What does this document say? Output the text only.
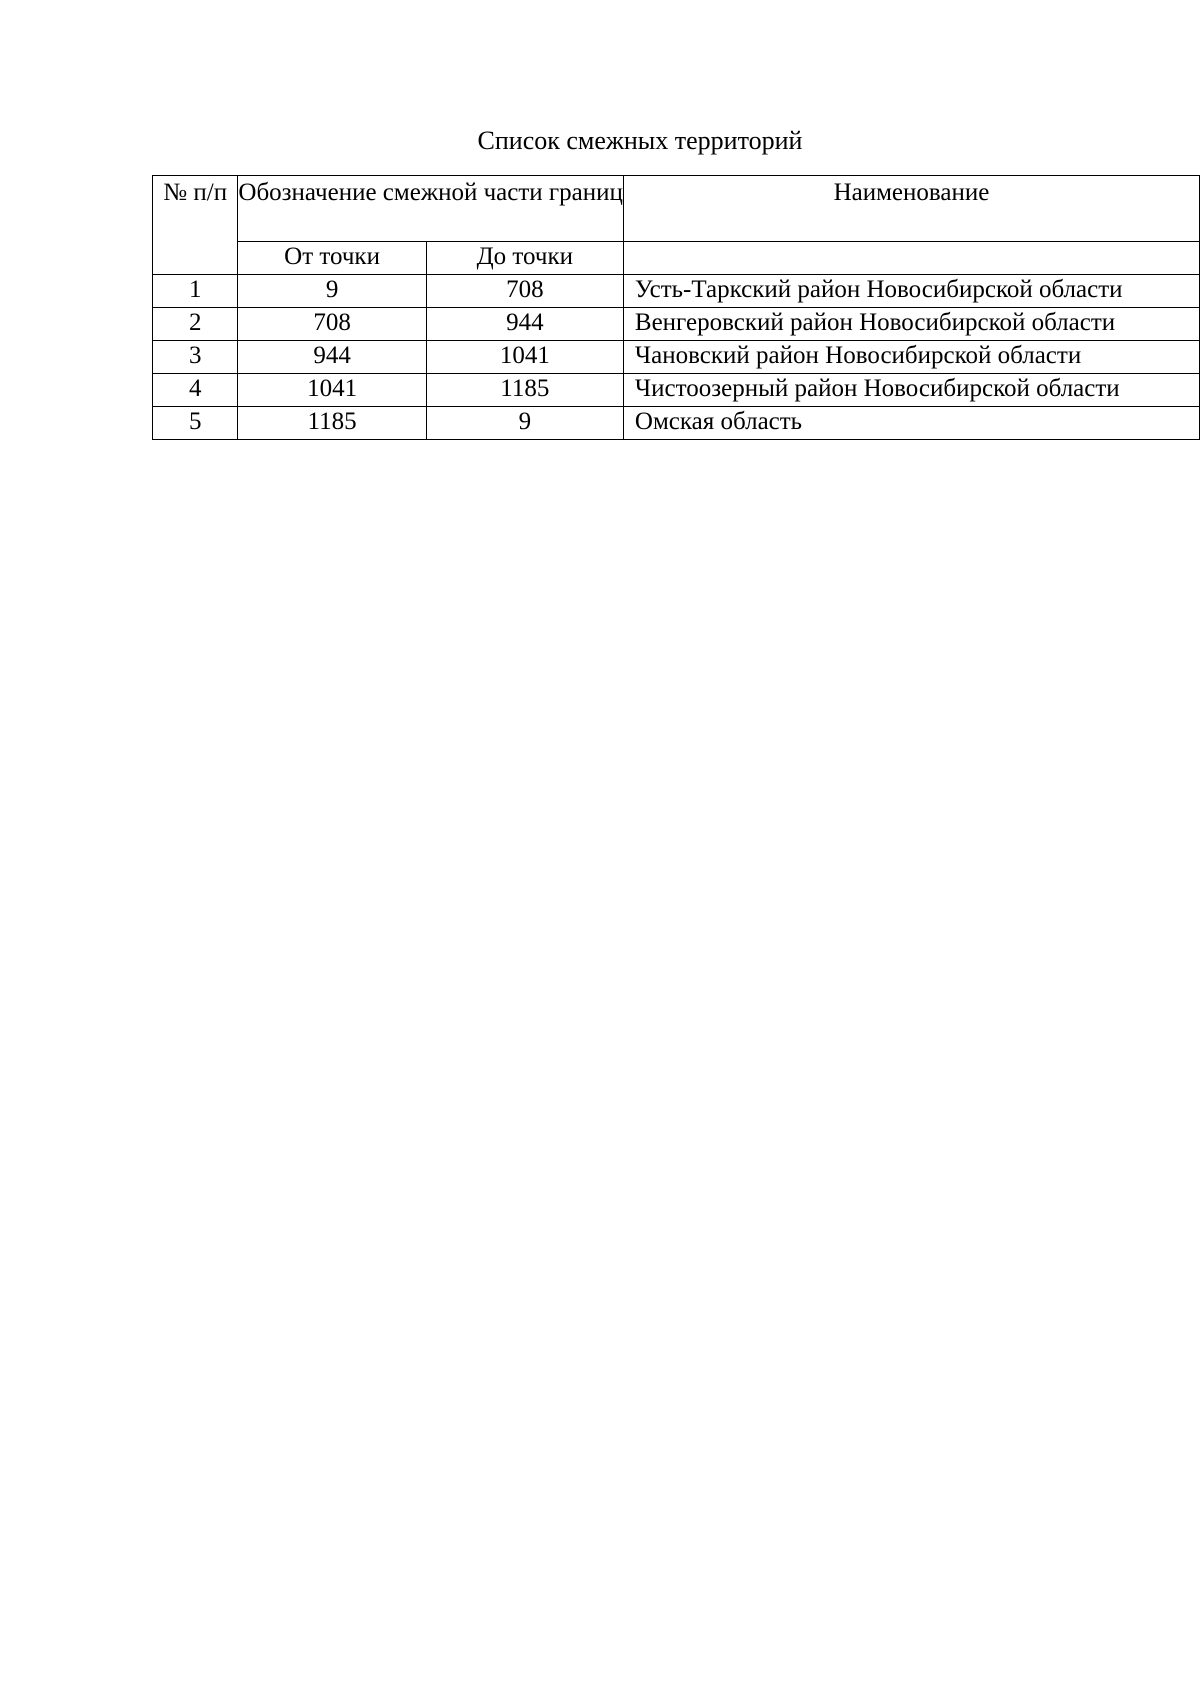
Список смежных территорий
№ п/п	Обозначение смежной части границ		Наименование
	От точки	До точки	
1	9	708	Усть-Таркский район Новосибирской области
2	708	944	Венгеровский район Новосибирской области
3	944	1041	Чановский район Новосибирской области
4	1041	1185	Чистоозерный район Новосибирской области
5	1185	9	Омская область
